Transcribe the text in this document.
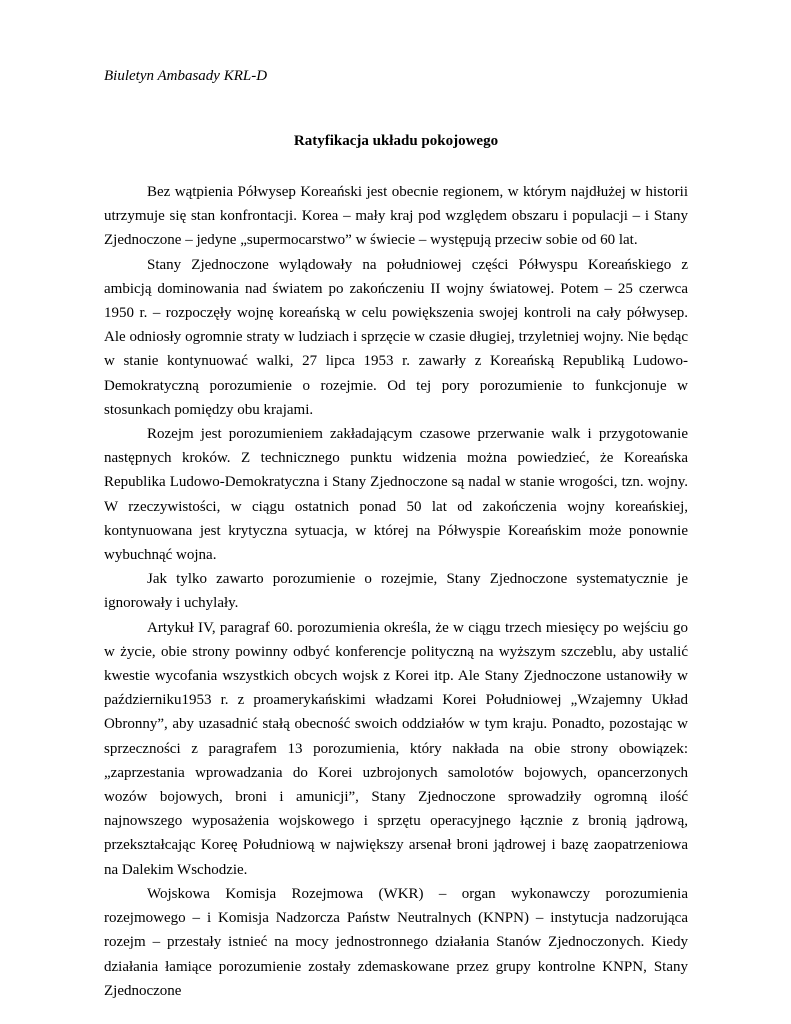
Biuletyn Ambasady KRL-D
Ratyfikacja układu pokojowego

Bez wątpienia Półwysep Koreański jest obecnie regionem, w którym najdłużej w historii utrzymuje się stan konfrontacji. Korea – mały kraj pod względem obszaru i populacji – i Stany Zjednoczone – jedyne „supermocarstwo” w świecie – występują przeciw sobie od 60 lat.

Stany Zjednoczone wylądowały na południowej części Półwyspu Koreańskiego z ambicją dominowania nad światem po zakończeniu II wojny światowej. Potem – 25 czerwca 1950 r. – rozpoczęły wojnę koreańską w celu powiększenia swojej kontroli na cały półwysep. Ale odniosły ogromnie straty w ludziach i sprzęcie w czasie długiej, trzyletniej wojny. Nie będąc w stanie kontynuować walki, 27 lipca 1953 r. zawarły z Koreańską Republiką Ludowo-Demokratyczną porozumienie o rozejmie. Od tej pory porozumienie to funkcjonuje w stosunkach pomiędzy obu krajami.

Rozejm jest porozumieniem zakładającym czasowe przerwanie walk i przygotowanie następnych kroków. Z technicznego punktu widzenia można powiedzieć, że Koreańska Republika Ludowo-Demokratyczna i Stany Zjednoczone są nadal w stanie wrogości, tzn. wojny. W rzeczywistości, w ciągu ostatnich ponad 50 lat od zakończenia wojny koreańskiej, kontynuowana jest krytyczna sytuacja, w której na Półwyspie Koreańskim może ponownie wybuchnąć wojna.

Jak tylko zawarto porozumienie o rozejmie, Stany Zjednoczone systematycznie je ignorowały i uchylały.

Artykuł IV, paragraf 60. porozumienia określa, że w ciągu trzech miesięcy po wejściu go w życie, obie strony powinny odbyć konferencje polityczną na wyższym szczeblu, aby ustalić kwestie wycofania wszystkich obcych wojsk z Korei itp. Ale Stany Zjednoczone ustanowiły w październiku1953 r. z proamerykańskimi władzami Korei Południowej „Wzajemny Układ Obronny”, aby uzasadnić stałą obecność swoich oddziałów w tym kraju. Ponadto, pozostając w sprzeczności z paragrafem 13 porozumienia, który nakłada na obie strony obowiązek: „zaprzestania wprowadzania do Korei uzbrojonych samolotów bojowych, opancerzonych wozów bojowych, broni i amunicji”, Stany Zjednoczone sprowadziły ogromną ilość najnowszego wyposażenia wojskowego i sprzętu operacyjnego łącznie z bronią jądrową, przekształcając Koreę Południową w największy arsenał broni jądrowej i bazę zaopatrzeniowa na Dalekim Wschodzie.

Wojskowa Komisja Rozejmowa (WKR) – organ wykonawczy porozumienia rozejmowego – i Komisja Nadzorcza Państw Neutralnych (KNPN) – instytucja nadzorująca rozejm – przestały istnieć na mocy jednostronnego działania Stanów Zjednoczonych. Kiedy działania łamiące porozumienie zostały zdemaskowane przez grupy kontrolne KNPN, Stany Zjednoczone
